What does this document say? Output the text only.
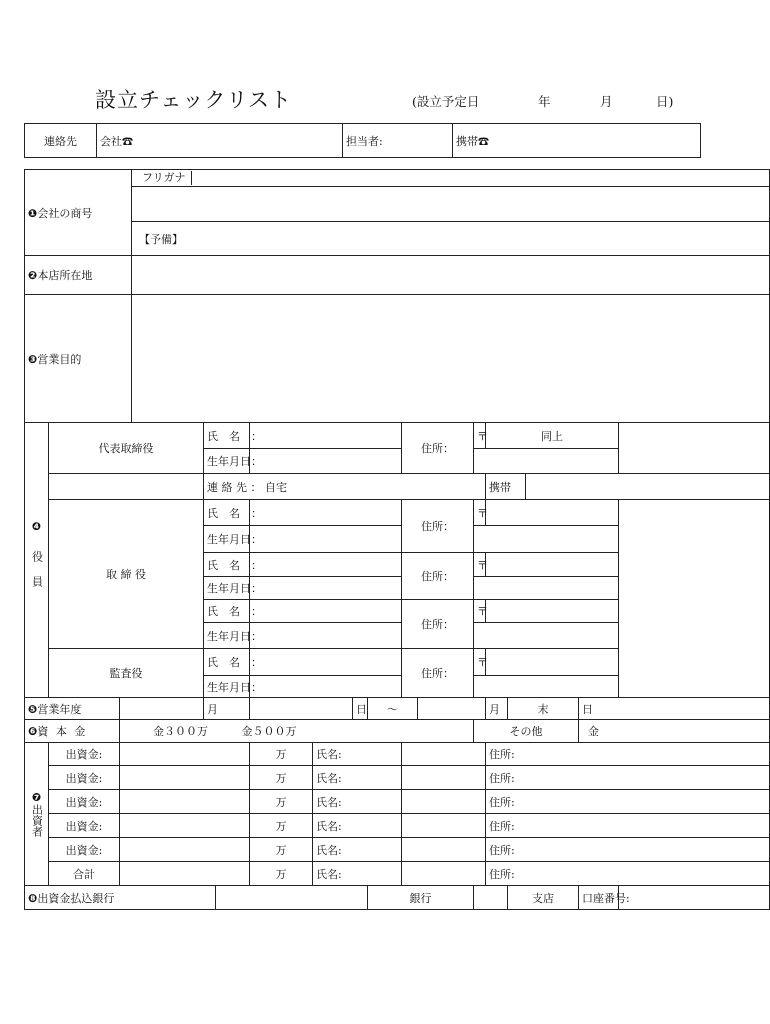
設立チェックリスト	(設立予定日	年	月	日)
連絡先	会社☎	担当者:	携帯☎
❶会社の商号			フリガナ														

			【予備】														
❷本店所在地																	
❸営業目的																	

❹
役員	代表取締役			氏　名　：						住所：		〒	同上				
				生年月日：													
				連 絡 先 ： 自宅									携帯				
	取 締 役			氏　名　：						住所：		〒					
				生年月日：													
				氏　名　：						住所：		〒					
				生年月日：													
				氏　名　：						住所：		〒					
				生年月日：													
	監査役			氏　名　：						住所：		〒					
				生年月日：													
❺営業年度				月				日	～				月	末		日	
❻資 本 金		金３００万 金５００万										その他				金	

❼
出資者	出資金:					万	氏名:						住所:				
	出資金:					万	氏名:						住所:				
	出資金:					万	氏名:						住所:				
	出資金:					万	氏名:						住所:				
	出資金:					万	氏名:						住所:				
	合計					万	氏名:						住所:				
❽出資金払込銀行									銀行					支店		口座番号:	
